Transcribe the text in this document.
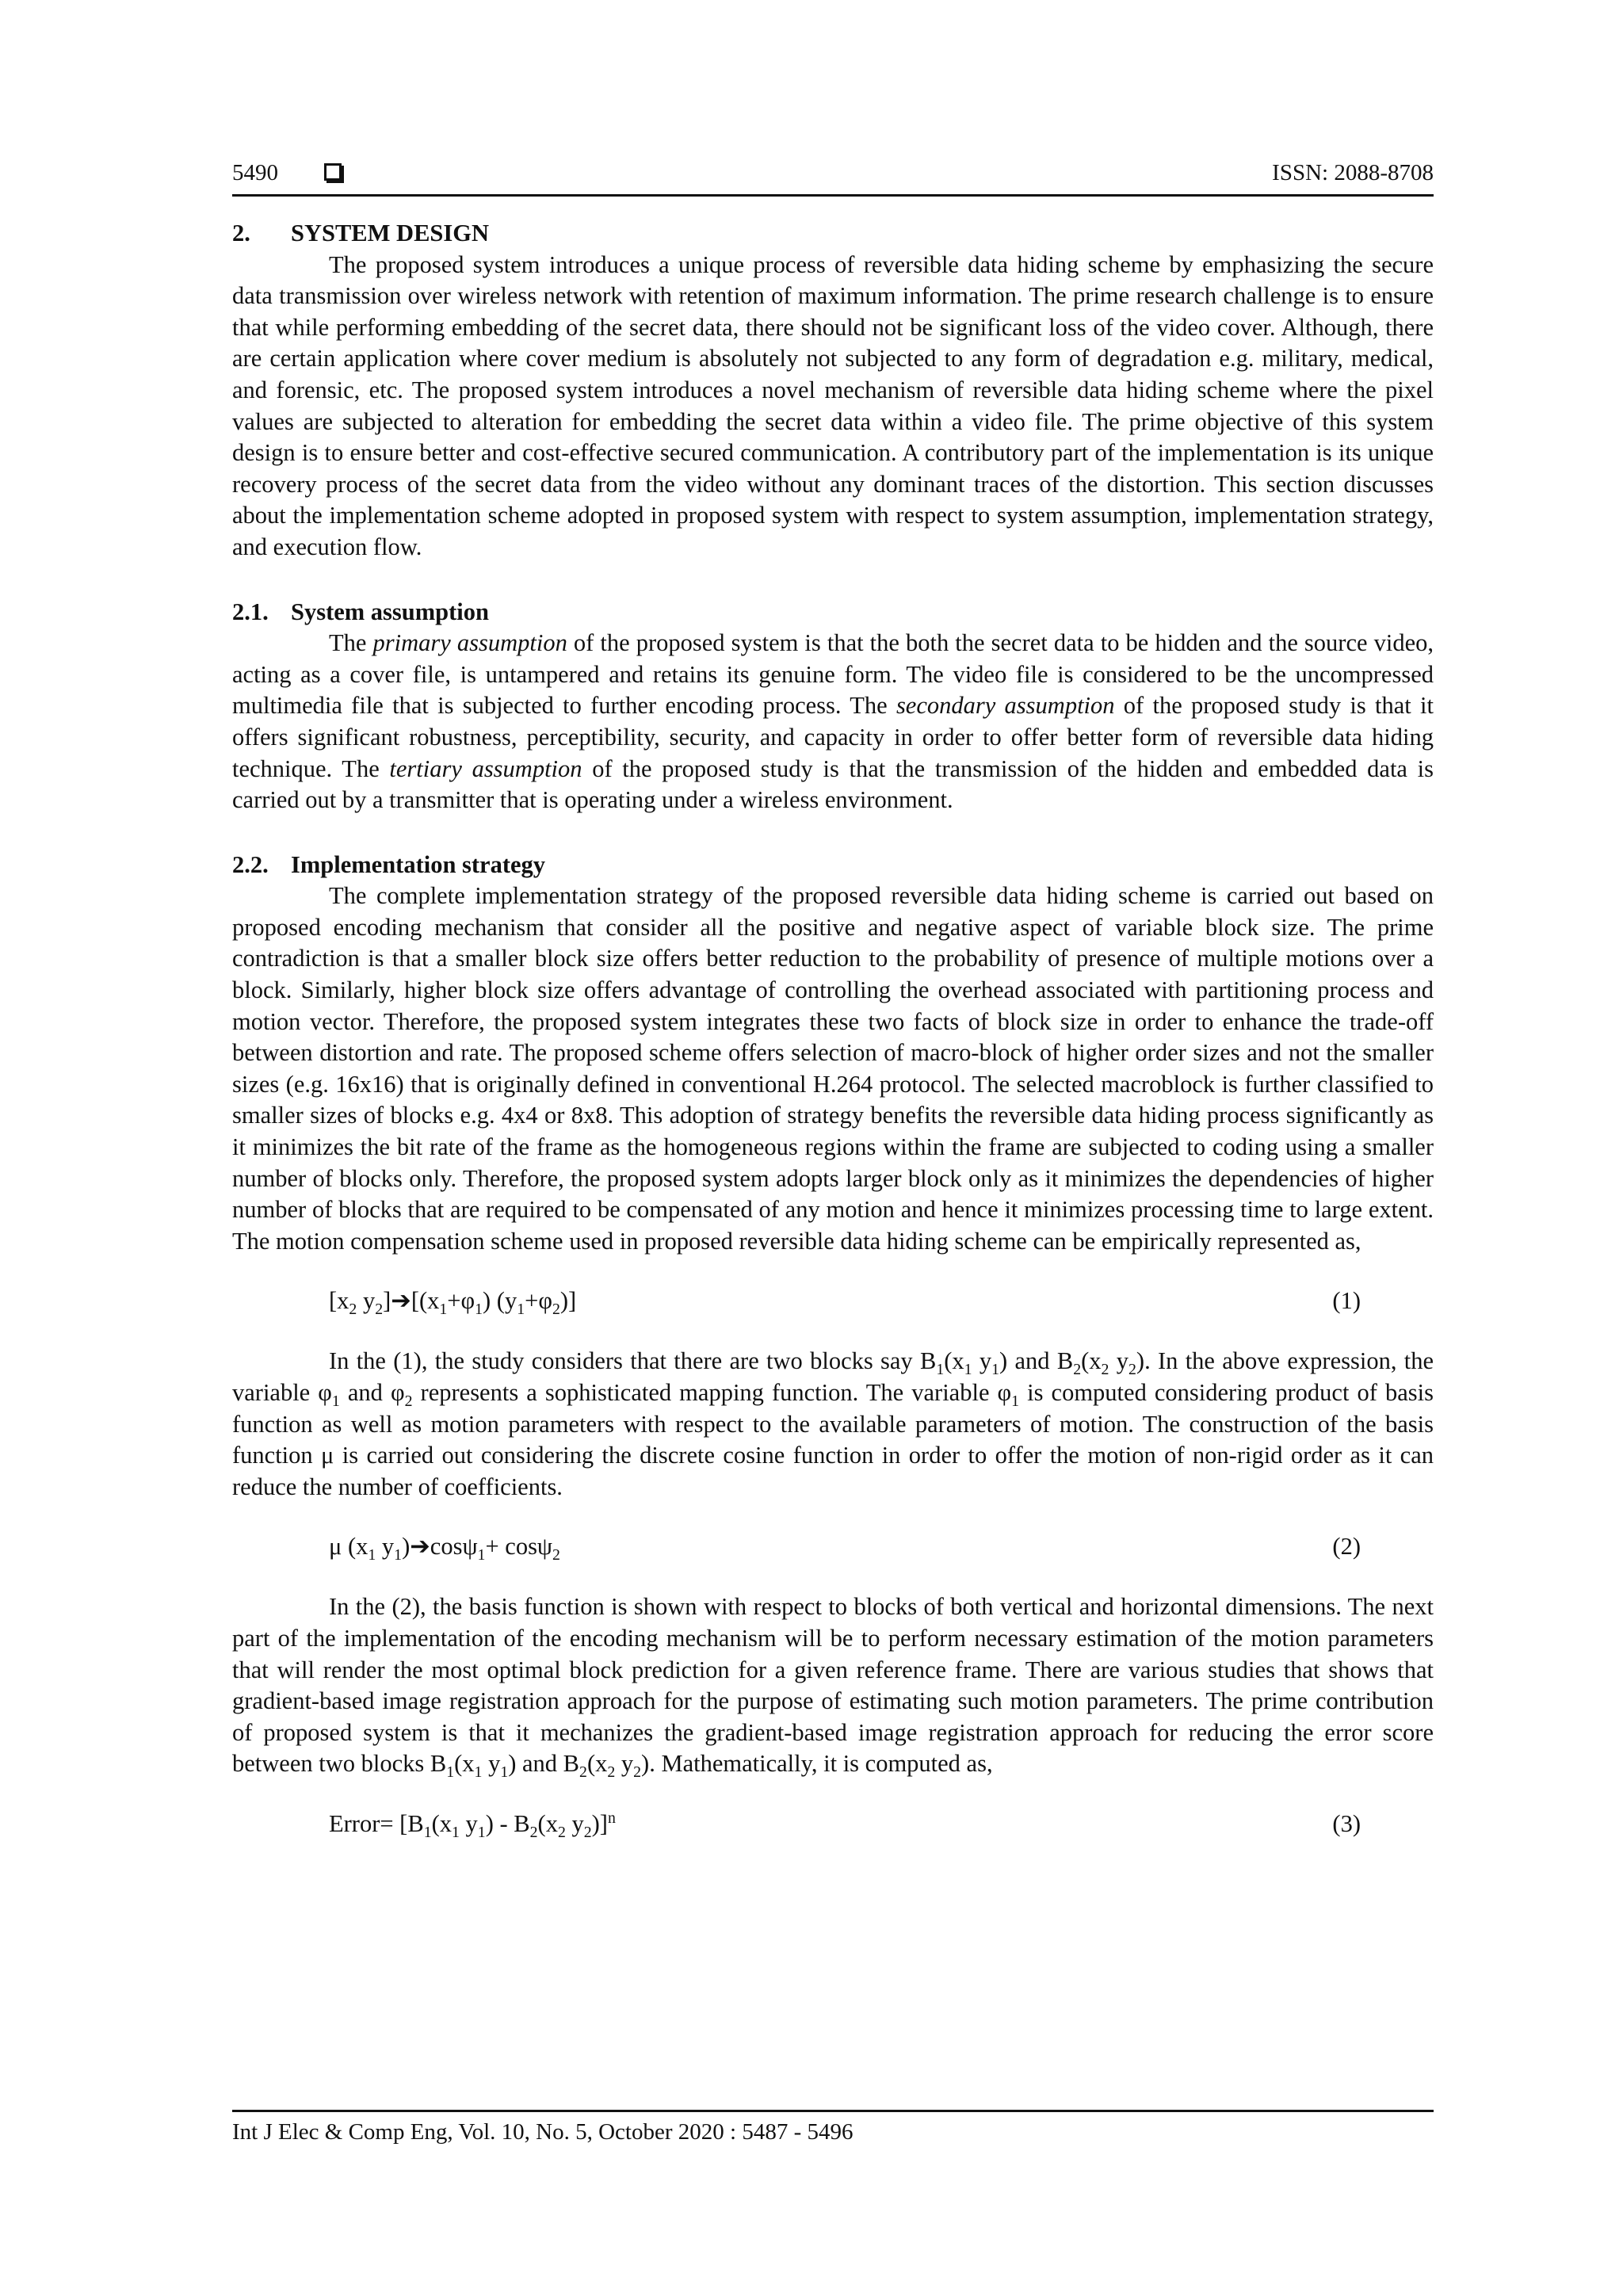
5490	ISSN: 2088-8708
2. SYSTEM DESIGN

The proposed system introduces a unique process of reversible data hiding scheme by emphasizing the secure data transmission over wireless network with retention of maximum information. The prime research challenge is to ensure that while performing embedding of the secret data, there should not be significant loss of the video cover. Although, there are certain application where cover medium is absolutely not subjected to any form of degradation e.g. military, medical, and forensic, etc. The proposed system introduces a novel mechanism of reversible data hiding scheme where the pixel values are subjected to alteration for embedding the secret data within a video file. The prime objective of this system design is to ensure better and cost-effective secured communication. A contributory part of the implementation is its unique recovery process of the secret data from the video without any dominant traces of the distortion. This section discusses about the implementation scheme adopted in proposed system with respect to system assumption, implementation strategy, and execution flow.

2.1. System assumption

The primary assumption of the proposed system is that the both the secret data to be hidden and the source video, acting as a cover file, is untampered and retains its genuine form. The video file is considered to be the uncompressed multimedia file that is subjected to further encoding process. The secondary assumption of the proposed study is that it offers significant robustness, perceptibility, security, and capacity in order to offer better form of reversible data hiding technique. The tertiary assumption of the proposed study is that the transmission of the hidden and embedded data is carried out by a transmitter that is operating under a wireless environment.

2.2. Implementation strategy

The complete implementation strategy of the proposed reversible data hiding scheme is carried out based on proposed encoding mechanism that consider all the positive and negative aspect of variable block size. The prime contradiction is that a smaller block size offers better reduction to the probability of presence of multiple motions over a block. Similarly, higher block size offers advantage of controlling the overhead associated with partitioning process and motion vector. Therefore, the proposed system integrates these two facts of block size in order to enhance the trade-off between distortion and rate. The proposed scheme offers selection of macro-block of higher order sizes and not the smaller sizes (e.g. 16x16) that is originally defined in conventional H.264 protocol. The selected macroblock is further classified to smaller sizes of blocks e.g. 4x4 or 8x8. This adoption of strategy benefits the reversible data hiding process significantly as it minimizes the bit rate of the frame as the homogeneous regions within the frame are subjected to coding using a smaller number of blocks only. Therefore, the proposed system adopts larger block only as it minimizes the dependencies of higher number of blocks that are required to be compensated of any motion and hence it minimizes processing time to large extent. The motion compensation scheme used in proposed reversible data hiding scheme can be empirically represented as,

[$x_2$ $y_2]➔[(x_1+\varphi_1)$ $(y_1+\varphi_2)$]	(1)

In the (1), the study considers that there are two blocks say $B_1(x_1$ $y_1$) and $B_2(x_2$ $y_2$). In the above expression, the variable $\varphi_1$ and $\varphi_2$ represents a sophisticated mapping function. The variable $\varphi_1$ is computed considering product of basis function as well as motion parameters with respect to the available parameters of motion. The construction of the basis function μ is carried out considering the discrete cosine function in order to offer the motion of non-rigid order as it can reduce the number of coefficients.

μ ($x_1$ $y_1)➔\cos\psi_1+ \cos\psi_2$	(2)

In the (2), the basis function is shown with respect to blocks of both vertical and horizontal dimensions. The next part of the implementation of the encoding mechanism will be to perform necessary estimation of the motion parameters that will render the most optimal block prediction for a given reference frame. There are various studies that shows that gradient-based image registration approach for the purpose of estimating such motion parameters. The prime contribution of proposed system is that it mechanizes the gradient-based image registration approach for reducing the error score between two blocks $B_1(x_1$ $y_1$) and $B_2(x_2$ $y_2$). Mathematically, it is computed as,

Error= [$B_1(x_1$ $y_1) - B_2(x_2$ $y_2)]^n$	(3)
Int J Elec & Comp Eng, Vol. 10, No. 5, October 2020 : 5487 - 5496
